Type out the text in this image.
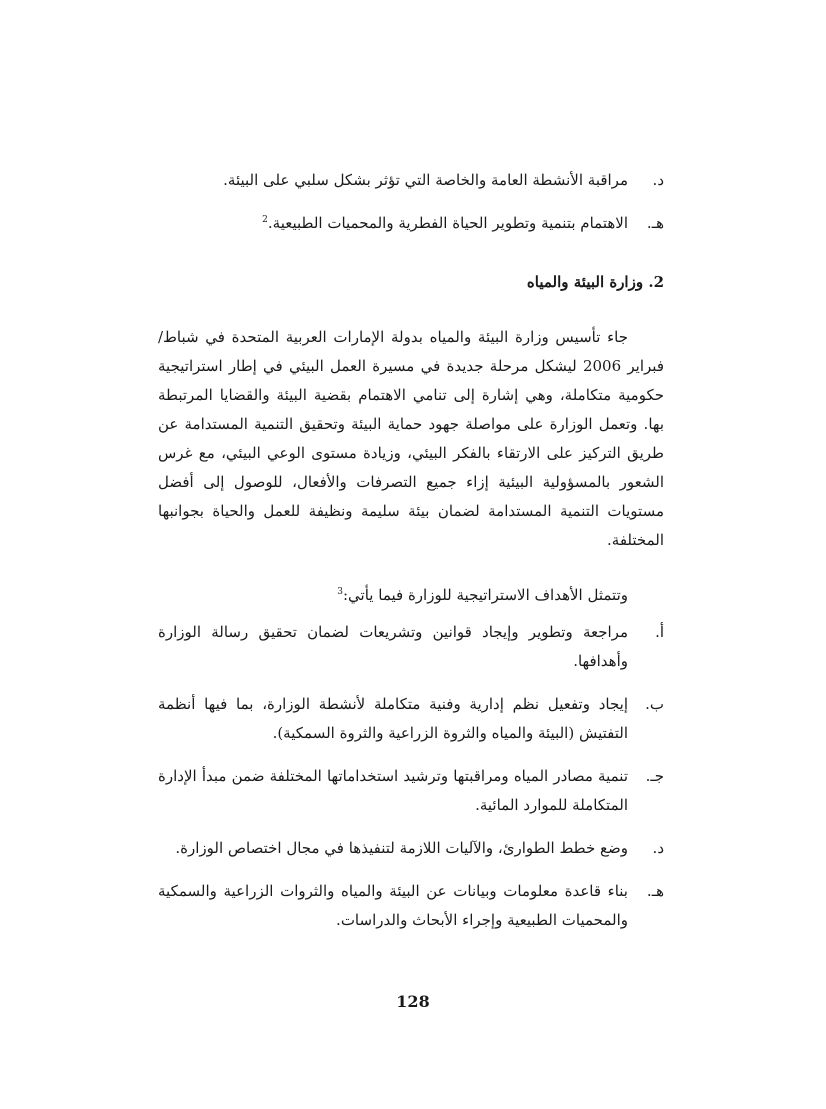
د.
مراقبة الأنشطة العامة والخاصة التي تؤثر بشكل سلبي على البيئة.
هـ.
الاهتمام بتنمية وتطوير الحياة الفطرية والمحميات الطبيعية.$^2$

2. وزارة البيئة والمياه

جاء تأسيس وزارة البيئة والمياه بدولة الإمارات العربية المتحدة في شباط/ فبراير 2006 ليشكل مرحلة جديدة في مسيرة العمل البيئي في إطار استراتيجية حكومية متكاملة، وهي إشارة إلى تنامي الاهتمام بقضية البيئة والقضايا المرتبطة بها. وتعمل الوزارة على مواصلة جهود حماية البيئة وتحقيق التنمية المستدامة عن طريق التركيز على الارتقاء بالفكر البيئي، وزيادة مستوى الوعي البيئي، مع غرس الشعور بالمسؤولية البيئية إزاء جميع التصرفات والأفعال، للوصول إلى أفضل مستويات التنمية المستدامة لضمان بيئة سليمة ونظيفة للعمل والحياة بجوانبها المختلفة.

وتتمثل الأهداف الاستراتيجية للوزارة فيما يأتي:$^3$

أ.
مراجعة وتطوير وإيجاد قوانين وتشريعات لضمان تحقيق رسالة الوزارة وأهدافها.
ب.
إيجاد وتفعيل نظم إدارية وفنية متكاملة لأنشطة الوزارة، بما فيها أنظمة التفتيش (البيئة والمياه والثروة الزراعية والثروة السمكية).
جـ.
تنمية مصادر المياه ومراقبتها وترشيد استخداماتها المختلفة ضمن مبدأ الإدارة المتكاملة للموارد المائية.
د.
وضع خطط الطوارئ، والآليات اللازمة لتنفيذها في مجال اختصاص الوزارة.
هـ.
بناء قاعدة معلومات وبيانات عن البيئة والمياه والثروات الزراعية والسمكية والمحميات الطبيعية وإجراء الأبحاث والدراسات.
128
